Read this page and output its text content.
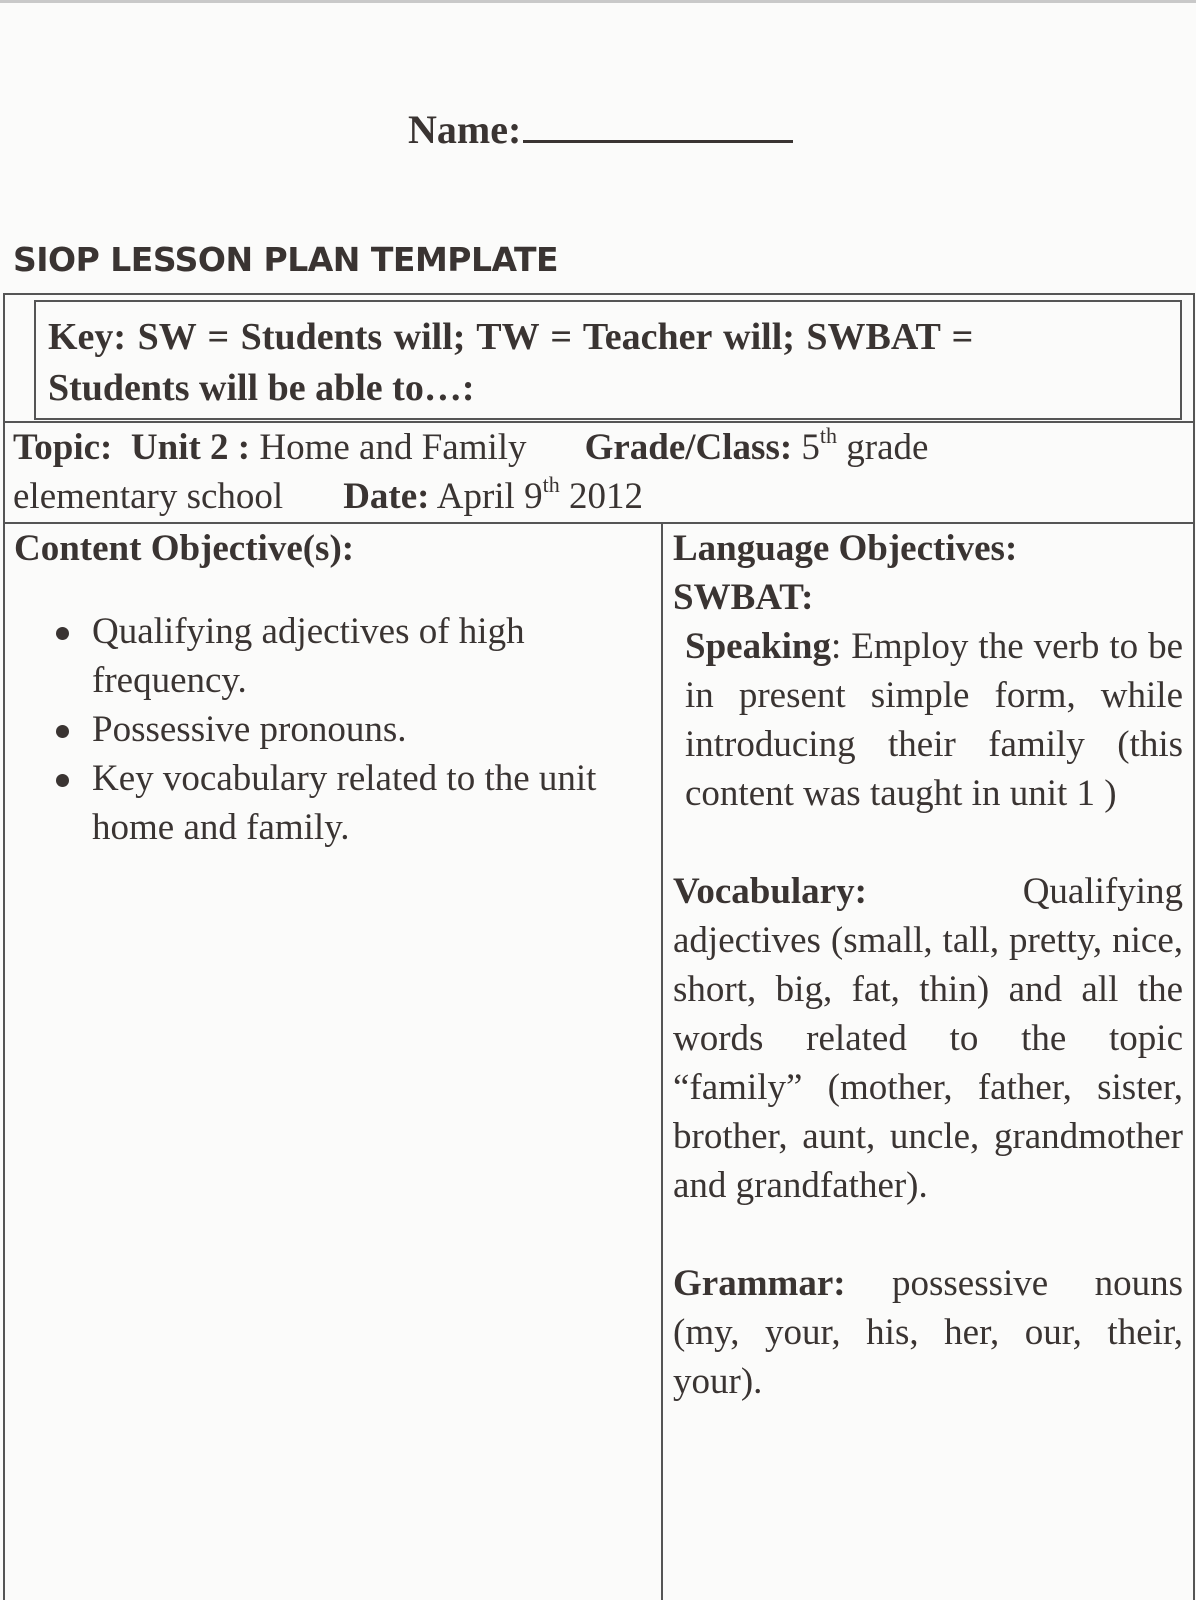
Name:
SIOP LESSON PLAN TEMPLATE
Key: SW = Students will; TW = Teacher will; SWBAT =
Students will be able to…:
Topic: Unit 2 : Home and Family Grade/Class: 5th grade
elementary school Date: April 9th 2012

Content Objective(s):

Qualifying adjectives of high frequency.
Possessive pronouns.
Key vocabulary related to the unit home and family.

Language Objectives:

SWBAT:

Speaking: Employ the verb to be in present simple form, while introducing their family (this content was taught in unit 1 )

Vocabulary: Qualifying adjectives (small, tall, pretty, nice, short, big, fat, thin) and all the words related to the topic “family” (mother, father, sister, brother, aunt, uncle, grandmother and grandfather).

Grammar: possessive nouns (my, your, his, her, our, their, your).
